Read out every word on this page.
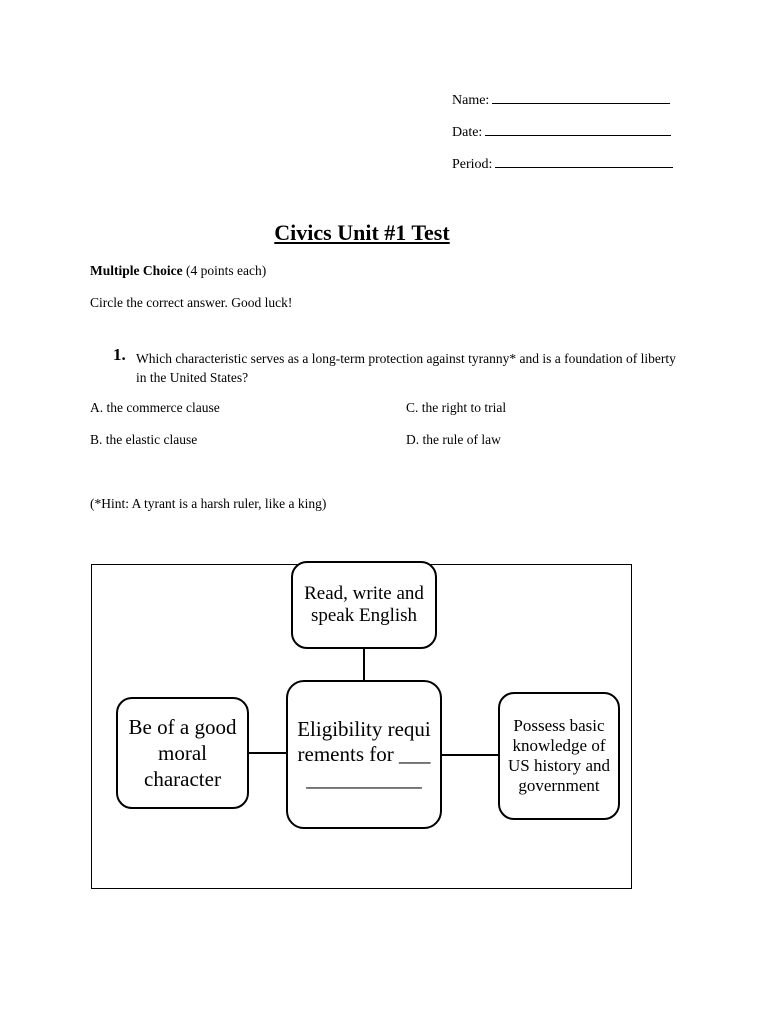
Name:
Date:
Period:
Civics Unit #1 Test
Multiple Choice (4 points each)
Circle the correct answer. Good luck!
1. Which characteristic serves as a long-term protection against tyranny* and is a foundation of liberty in the United States?
A. the commerce clause
B. the elastic clause
C. the right to trial
D. the rule of law
(*Hint: A tyrant is a harsh ruler, like a king)
Read, write and speak English
Be of a good moral character
Eligibility requirements for ______________
Possess basic knowledge of US history and government
